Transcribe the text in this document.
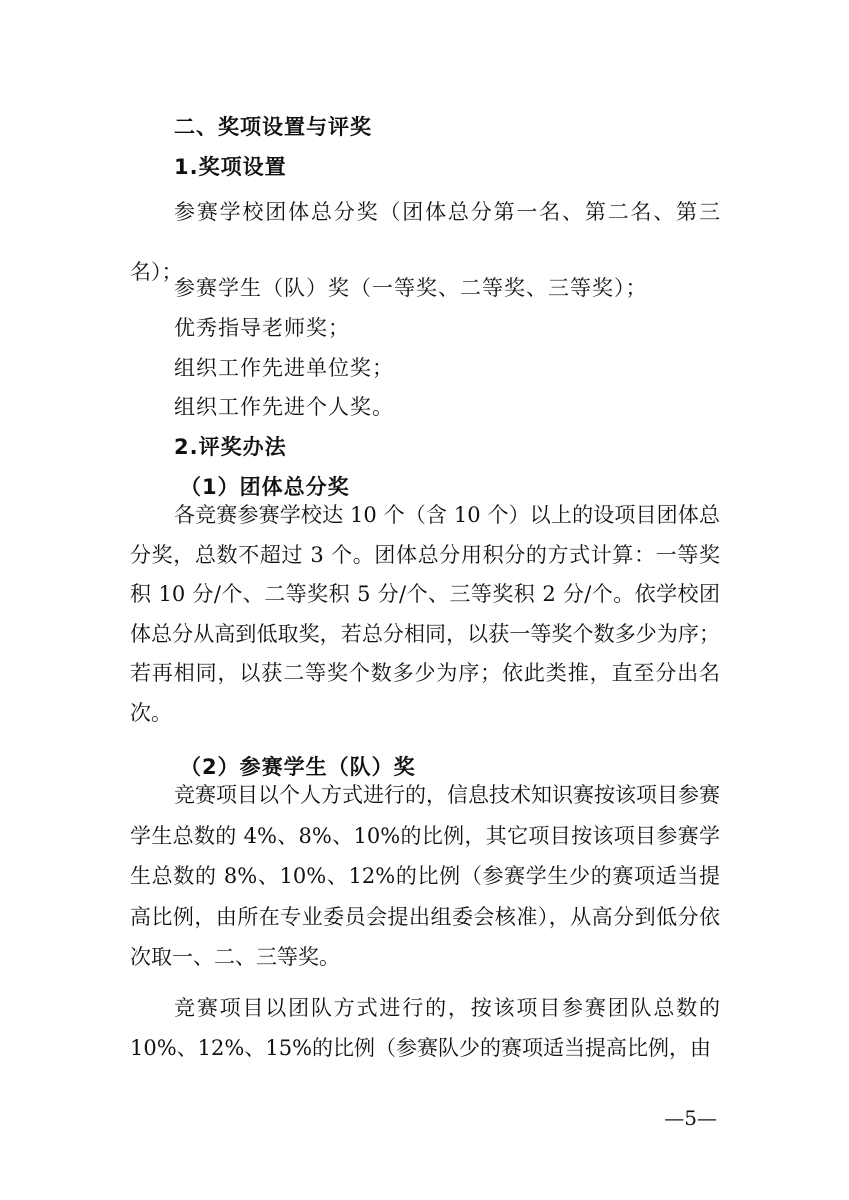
二、奖项设置与评奖
1.奖项设置
参赛学校团体总分奖（团体总分第一名、第二名、第三名）；
参赛学生（队）奖（一等奖、二等奖、三等奖）；
优秀指导老师奖；
组织工作先进单位奖；
组织工作先进个人奖。
2.评奖办法
（1）团体总分奖
各竞赛参赛学校达 10 个（含 10 个）以上的设项目团体总分奖，总数不超过 3 个。团体总分用积分的方式计算：一等奖积 10 分/个、二等奖积 5 分/个、三等奖积 2 分/个。依学校团体总分从高到低取奖，若总分相同，以获一等奖个数多少为序；若再相同，以获二等奖个数多少为序；依此类推，直至分出名次。
（2）参赛学生（队）奖
竞赛项目以个人方式进行的，信息技术知识赛按该项目参赛学生总数的 4%、8%、10%的比例，其它项目按该项目参赛学生总数的 8%、10%、12%的比例（参赛学生少的赛项适当提高比例，由所在专业委员会提出组委会核准），从高分到低分依次取一、二、三等奖。
竞赛项目以团队方式进行的，按该项目参赛团队总数的 10%、12%、15%的比例（参赛队少的赛项适当提高比例，由
—5—
